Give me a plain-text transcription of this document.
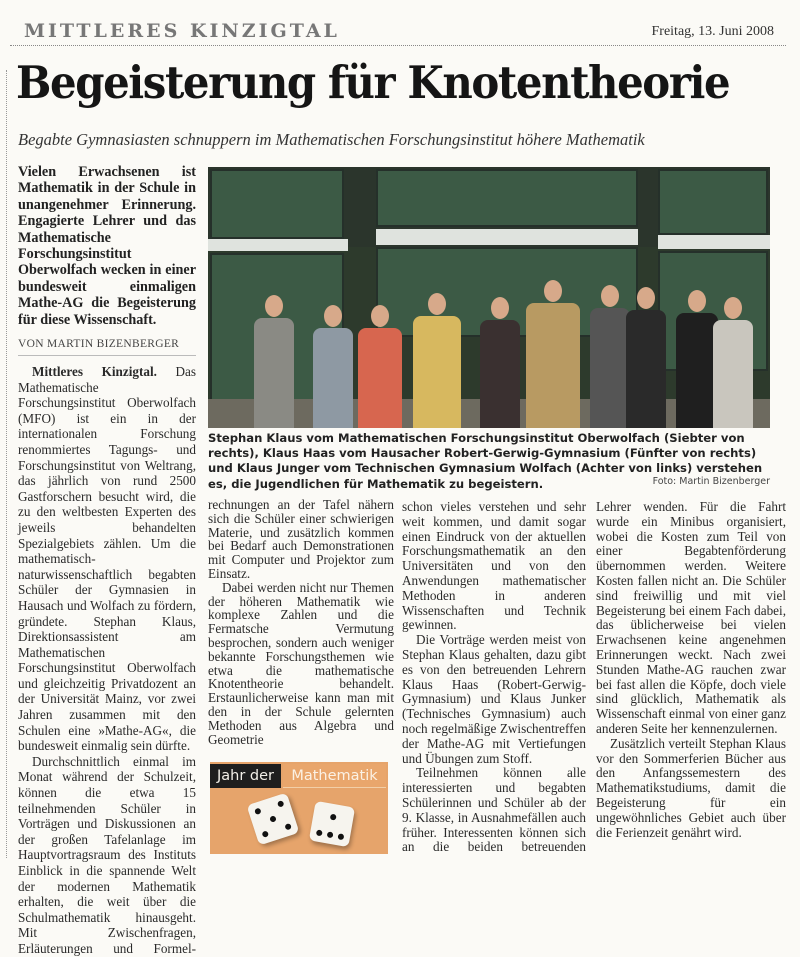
MITTLERES KINZIGTAL	Freitag, 13. Juni 2008
Begeisterung für Knotentheorie
Begabte Gymnasiasten schnuppern im Mathematischen Forschungsinstitut höhere Mathematik
Vielen Erwachsenen ist Mathematik in der Schule in unangenehmer Erinnerung. Engagierte Lehrer und das Mathematische Forschungsinstitut Oberwolfach wecken in einer bundesweit einmaligen Mathe-AG die Begeisterung für diese Wissenschaft.
VON MARTIN BIZENBERGER

Mittleres Kinzigtal. Das Mathematische Forschungsinstitut Oberwolfach (MFO) ist ein in der internationalen Forschung renommiertes Tagungs- und Forschungsinstitut von Weltrang, das jährlich von rund 2500 Gastforschern besucht wird, die zu den weltbesten Experten des jeweils behandelten Spezialgebiets zählen. Um die mathematisch-naturwissenschaftlich begabten Schüler der Gymnasien in Hausach und Wolfach zu fördern, gründete. Stephan Klaus, Direktionsassistent am Mathematischen Forschungsinstitut Oberwolfach und gleichzeitig Privatdozent an der Universität Mainz, vor zwei Jahren zusammen mit den Schulen eine »Mathe-AG«, die bundesweit einmalig sein dürfte.

Durchschnittlich einmal im Monat während der Schulzeit, können die etwa 15 teilnehmenden Schüler in Vorträgen und Diskussionen an der großen Tafelanlage im Hauptvortragsraum des Instituts Einblick in die spannende Welt der modernen Mathematik erhalten, die weit über die Schulmathematik hinausgeht. Mit Zwischenfragen, Erläuterungen und Formel-

Stephan Klaus vom Mathematischen Forschungsinstitut Oberwolfach (Siebter von rechts), Klaus Haas vom Hausacher Robert-Gerwig-Gymnasium (Fünfter von rechts) und Klaus Junger vom Technischen Gymnasium Wolfach (Achter von links) verstehen es, die Jugendlichen für Mathematik zu begeistern.	Foto: Martin Bizenberger

rechnungen an der Tafel nähern sich die Schüler einer schwierigen Materie, und zusätzlich kommen bei Bedarf auch Demonstrationen mit Computer und Projektor zum Einsatz.

Dabei werden nicht nur Themen der höheren Mathematik wie komplexe Zahlen und die Fermatsche Vermutung besprochen, sondern auch weniger bekannte Forschungsthemen wie etwa die mathematische Knotentheorie behandelt. Erstaunlicherweise kann man mit den in der Schule gelernten Methoden aus Algebra und Geometrie

Jahr der	Mathematik

schon vieles verstehen und sehr weit kommen, und damit sogar einen Eindruck von der aktuellen Forschungsmathematik an den Universitäten und von den Anwendungen mathematischer Methoden in anderen Wissenschaften und Technik gewinnen.

Die Vorträge werden meist von Stephan Klaus gehalten, dazu gibt es von den betreuenden Lehrern Klaus Haas (Robert-Gerwig-Gymnasium) und Klaus Junker (Technisches Gymnasium) auch noch regelmäßige Zwischentreffen der Mathe-AG mit Vertiefungen und Übungen zum Stoff.

Teilnehmen können alle interessierten und begabten Schülerinnen und Schüler ab der 9. Klasse, in Ausnahmefällen auch früher. Interessenten können sich an die beiden betreuenden

Lehrer wenden. Für die Fahrt wurde ein Minibus organisiert, wobei die Kosten zum Teil von einer Begabtenförderung übernommen werden. Weitere Kosten fallen nicht an. Die Schüler sind freiwillig und mit viel Begeisterung bei einem Fach dabei, das üblicherweise bei vielen Erwachsenen keine angenehmen Erinnerungen weckt. Nach zwei Stunden Mathe-AG rauchen zwar bei fast allen die Köpfe, doch viele sind glücklich, Mathematik als Wissenschaft einmal von einer ganz anderen Seite her kennenzulernen.

Zusätzlich verteilt Stephan Klaus vor den Sommerferien Bücher aus den Anfangssemestern des Mathematikstudiums, damit die Begeisterung für ein ungewöhnliches Gebiet auch über die Ferienzeit genährt wird.
